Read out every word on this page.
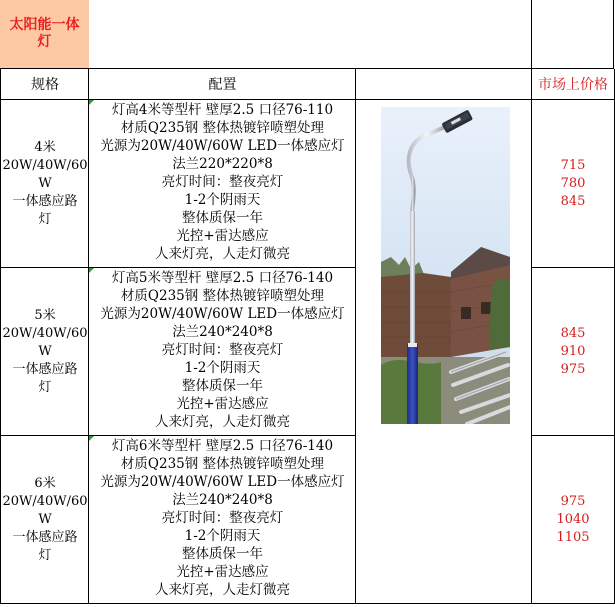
太阳能一体灯
规格	配置	市场上价格
4米
20W/40W/60
W
一体感应路
灯
灯高4米等型杆 壁厚2.5 口径76-110
材质Q235钢 整体热镀锌喷塑处理
光源为20W/40W/60W LED一体感应灯
法兰220*220*8
亮灯时间：整夜亮灯
1-2个阴雨天
整体质保一年
光控+雷达感应
人来灯亮，人走灯微亮
715
780
845
5米
20W/40W/60
W
一体感应路
灯
灯高5米等型杆 壁厚2.5 口径76-140
材质Q235钢 整体热镀锌喷塑处理
光源为20W/40W/60W LED一体感应灯
法兰240*240*8
亮灯时间：整夜亮灯
1-2个阴雨天
整体质保一年
光控+雷达感应
人来灯亮，人走灯微亮
845
910
975
6米
20W/40W/60
W
一体感应路
灯
灯高6米等型杆 壁厚2.5 口径76-140
材质Q235钢 整体热镀锌喷塑处理
光源为20W/40W/60W LED一体感应灯
法兰240*240*8
亮灯时间：整夜亮灯
1-2个阴雨天
整体质保一年
光控+雷达感应
人来灯亮，人走灯微亮
975
1040
1105
